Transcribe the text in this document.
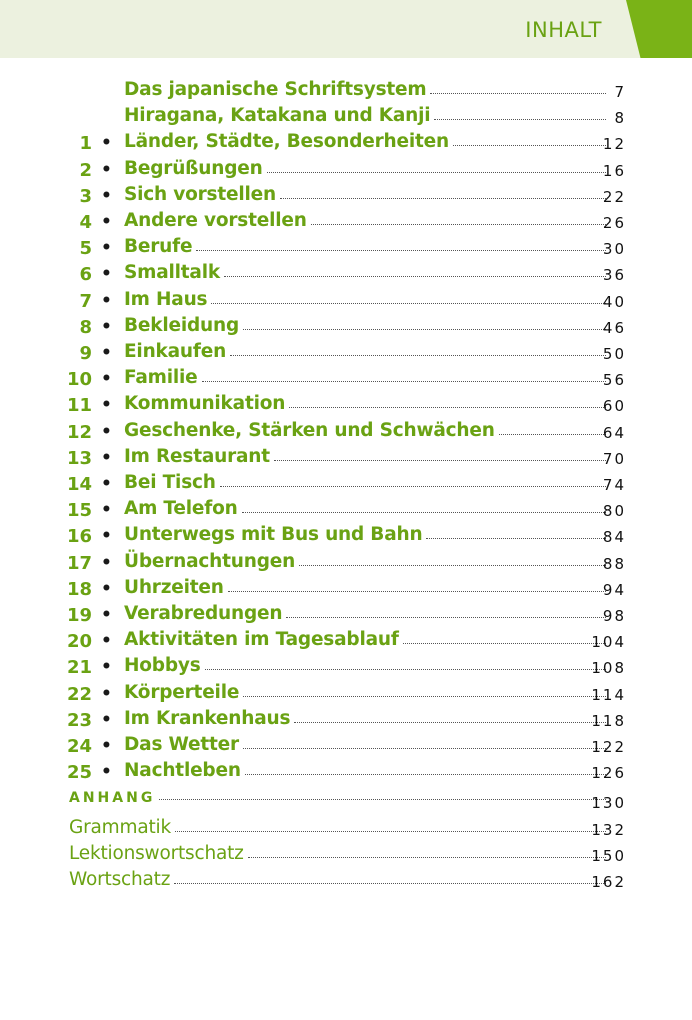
INHALT
Das japanische Schriftsystem	7
Hiragana, Katakana und Kanji	8
1 • Länder, Städte, Besonderheiten	12
2 • Begrüßungen	16
3 • Sich vorstellen	22
4 • Andere vorstellen	26
5 • Berufe	30
6 • Smalltalk	36
7 • Im Haus	40
8 • Bekleidung	46
9 • Einkaufen	50
10 • Familie	56
11 • Kommunikation	60
12 • Geschenke, Stärken und Schwächen	64
13 • Im Restaurant	70
14 • Bei Tisch	74
15 • Am Telefon	80
16 • Unterwegs mit Bus und Bahn	84
17 • Übernachtungen	88
18 • Uhrzeiten	94
19 • Verabredungen	98
20 • Aktivitäten im Tagesablauf	104
21 • Hobbys	108
22 • Körperteile	114
23 • Im Krankenhaus	118
24 • Das Wetter	122
25 • Nachtleben	126
ANHANG	130
Grammatik	132
Lektionswortschatz	150
Wortschatz	162
